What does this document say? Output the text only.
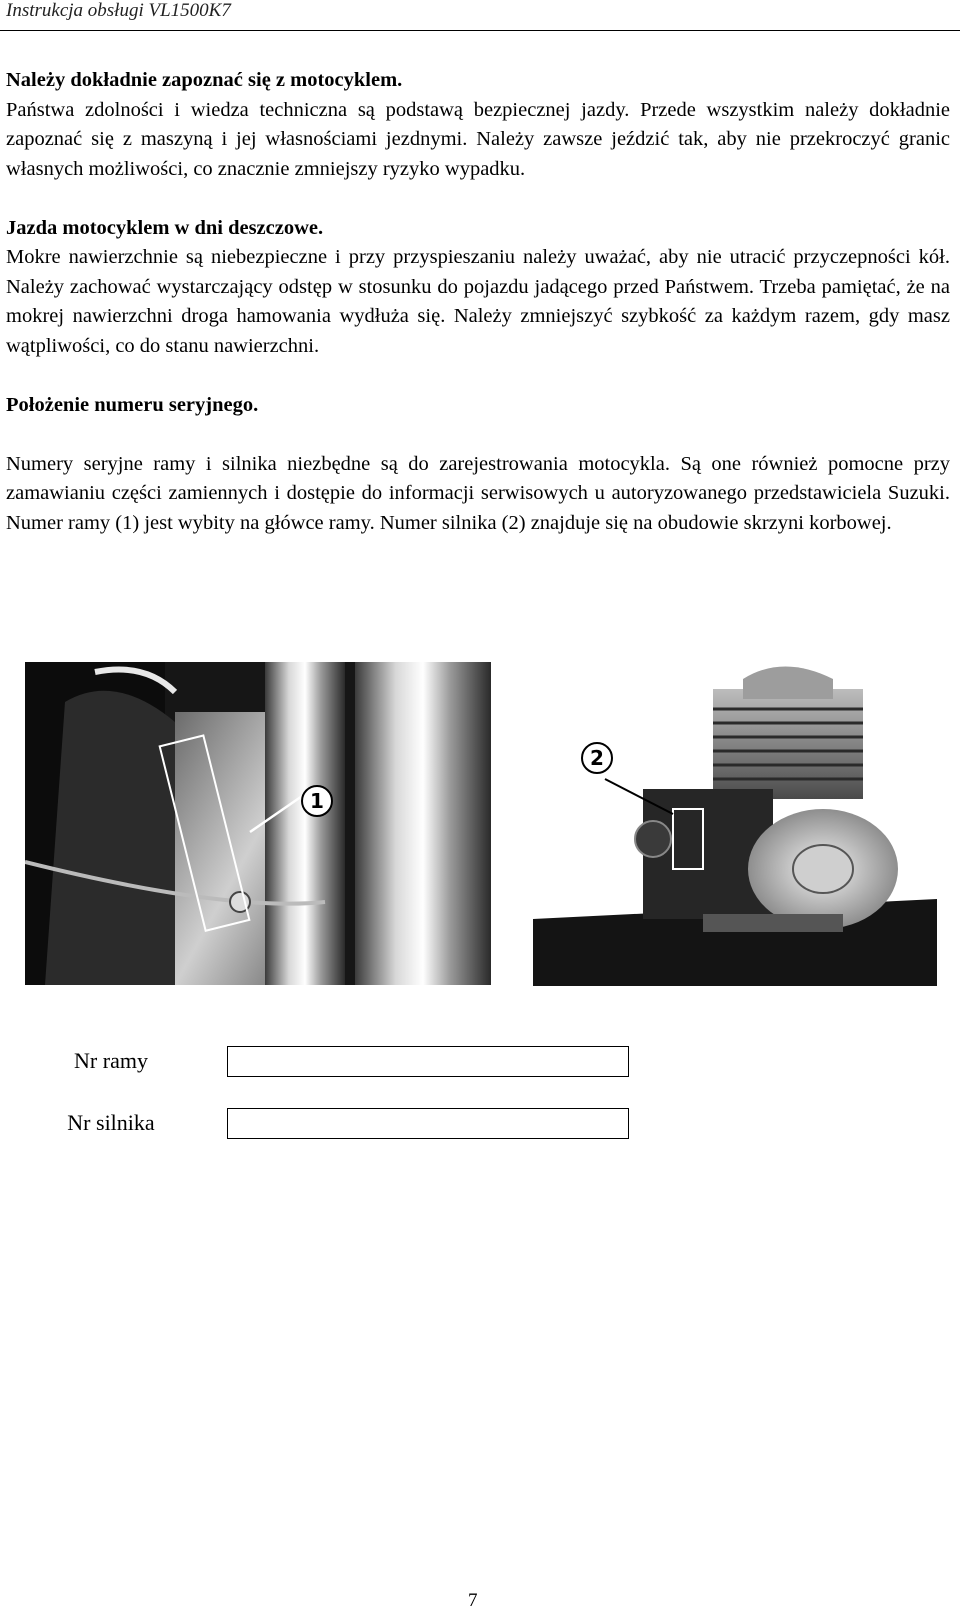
Instrukcja obsługi VL1500K7
Należy dokładnie zapoznać się z motocyklem.

Państwa zdolności i wiedza techniczna są podstawą bezpiecznej jazdy. Przede wszystkim należy dokładnie zapoznać się z maszyną i jej własnościami jezdnymi. Należy zawsze jeździć tak, aby nie przekroczyć granic własnych możliwości, co znacznie zmniejszy ryzyko wypadku.

Jazda motocyklem w dni deszczowe.

Mokre nawierzchnie są niebezpieczne i przy przyspieszaniu należy uważać, aby nie utracić przyczepności kół. Należy zachować wystarczający odstęp w stosunku do pojazdu jadącego przed Państwem. Trzeba pamiętać, że na mokrej nawierzchni droga hamowania wydłuża się. Należy zmniejszyć szybkość za każdym razem, gdy masz wątpliwości, co do stanu nawierzchni.

Położenie numeru seryjnego.

Numery seryjne ramy i silnika niezbędne są do zarejestrowania motocykla. Są one również pomocne przy zamawianiu części zamiennych i dostępie do informacji serwisowych u autoryzowanego przedstawiciela Suzuki. Numer ramy (1) jest wybity na główce ramy. Numer silnika (2) znajduje się na obudowie skrzyni korbowej.

1
2
Nr ramy
Nr silnika
7
